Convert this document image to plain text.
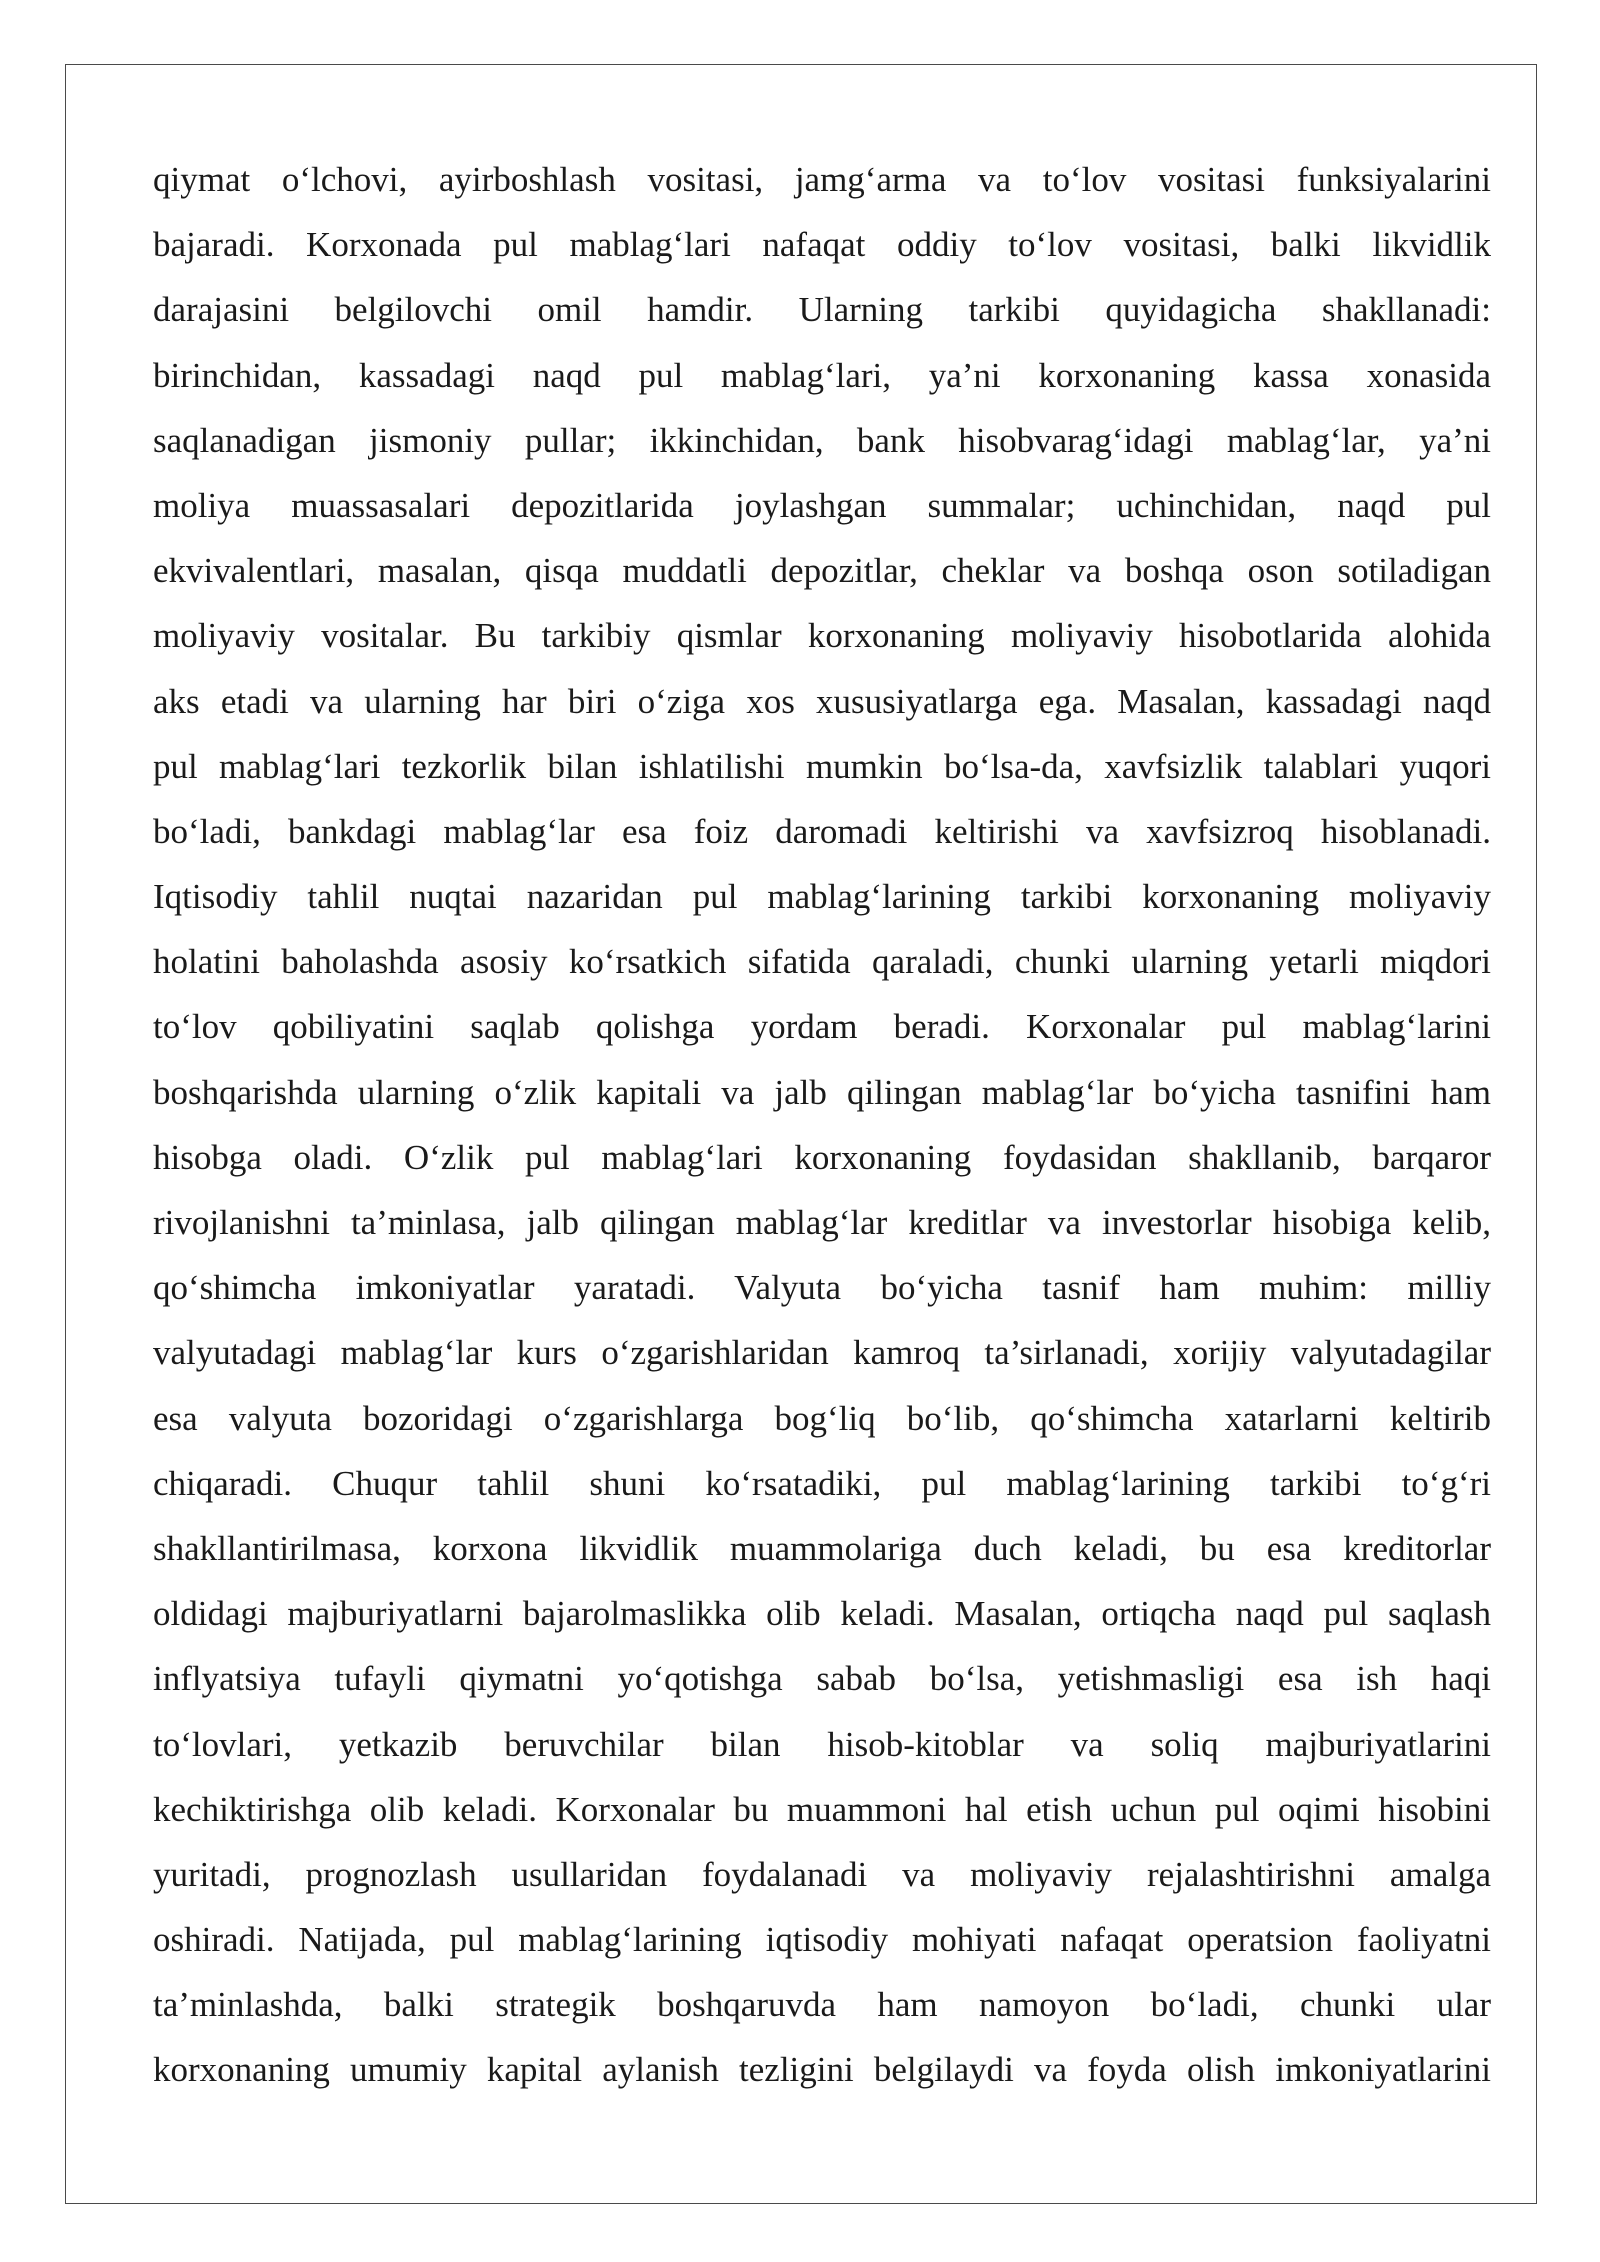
qiymat o‘lchovi, ayirboshlash vositasi, jamg‘arma va to‘lov vositasi funksiyalarini
bajaradi. Korxonada pul mablag‘lari nafaqat oddiy to‘lov vositasi, balki likvidlik
darajasini belgilovchi omil hamdir. Ularning tarkibi quyidagicha shakllanadi:
birinchidan, kassadagi naqd pul mablag‘lari, ya’ni korxonaning kassa xonasida
saqlanadigan jismoniy pullar; ikkinchidan, bank hisobvarag‘idagi mablag‘lar, ya’ni
moliya muassasalari depozitlarida joylashgan summalar; uchinchidan, naqd pul
ekvivalentlari, masalan, qisqa muddatli depozitlar, cheklar va boshqa oson sotiladigan
moliyaviy vositalar. Bu tarkibiy qismlar korxonaning moliyaviy hisobotlarida alohida
aks etadi va ularning har biri o‘ziga xos xususiyatlarga ega. Masalan, kassadagi naqd
pul mablag‘lari tezkorlik bilan ishlatilishi mumkin bo‘lsa-da, xavfsizlik talablari yuqori
bo‘ladi, bankdagi mablag‘lar esa foiz daromadi keltirishi va xavfsizroq hisoblanadi.
Iqtisodiy tahlil nuqtai nazaridan pul mablag‘larining tarkibi korxonaning moliyaviy
holatini baholashda asosiy ko‘rsatkich sifatida qaraladi, chunki ularning yetarli miqdori
to‘lov qobiliyatini saqlab qolishga yordam beradi. Korxonalar pul mablag‘larini
boshqarishda ularning o‘zlik kapitali va jalb qilingan mablag‘lar bo‘yicha tasnifini ham
hisobga oladi. O‘zlik pul mablag‘lari korxonaning foydasidan shakllanib, barqaror
rivojlanishni ta’minlasa, jalb qilingan mablag‘lar kreditlar va investorlar hisobiga kelib,
qo‘shimcha imkoniyatlar yaratadi. Valyuta bo‘yicha tasnif ham muhim: milliy
valyutadagi mablag‘lar kurs o‘zgarishlaridan kamroq ta’sirlanadi, xorijiy valyutadagilar
esa valyuta bozoridagi o‘zgarishlarga bog‘liq bo‘lib, qo‘shimcha xatarlarni keltirib
chiqaradi. Chuqur tahlil shuni ko‘rsatadiki, pul mablag‘larining tarkibi to‘g‘ri
shakllantirilmasa, korxona likvidlik muammolariga duch keladi, bu esa kreditorlar
oldidagi majburiyatlarni bajarolmaslikka olib keladi. Masalan, ortiqcha naqd pul saqlash
inflyatsiya tufayli qiymatni yo‘qotishga sabab bo‘lsa, yetishmasligi esa ish haqi
to‘lovlari, yetkazib beruvchilar bilan hisob-kitoblar va soliq majburiyatlarini
kechiktirishga olib keladi. Korxonalar bu muammoni hal etish uchun pul oqimi hisobini
yuritadi, prognozlash usullaridan foydalanadi va moliyaviy rejalashtirishni amalga
oshiradi. Natijada, pul mablag‘larining iqtisodiy mohiyati nafaqat operatsion faoliyatni
ta’minlashda, balki strategik boshqaruvda ham namoyon bo‘ladi, chunki ular
korxonaning umumiy kapital aylanish tezligini belgilaydi va foyda olish imkoniyatlarini
